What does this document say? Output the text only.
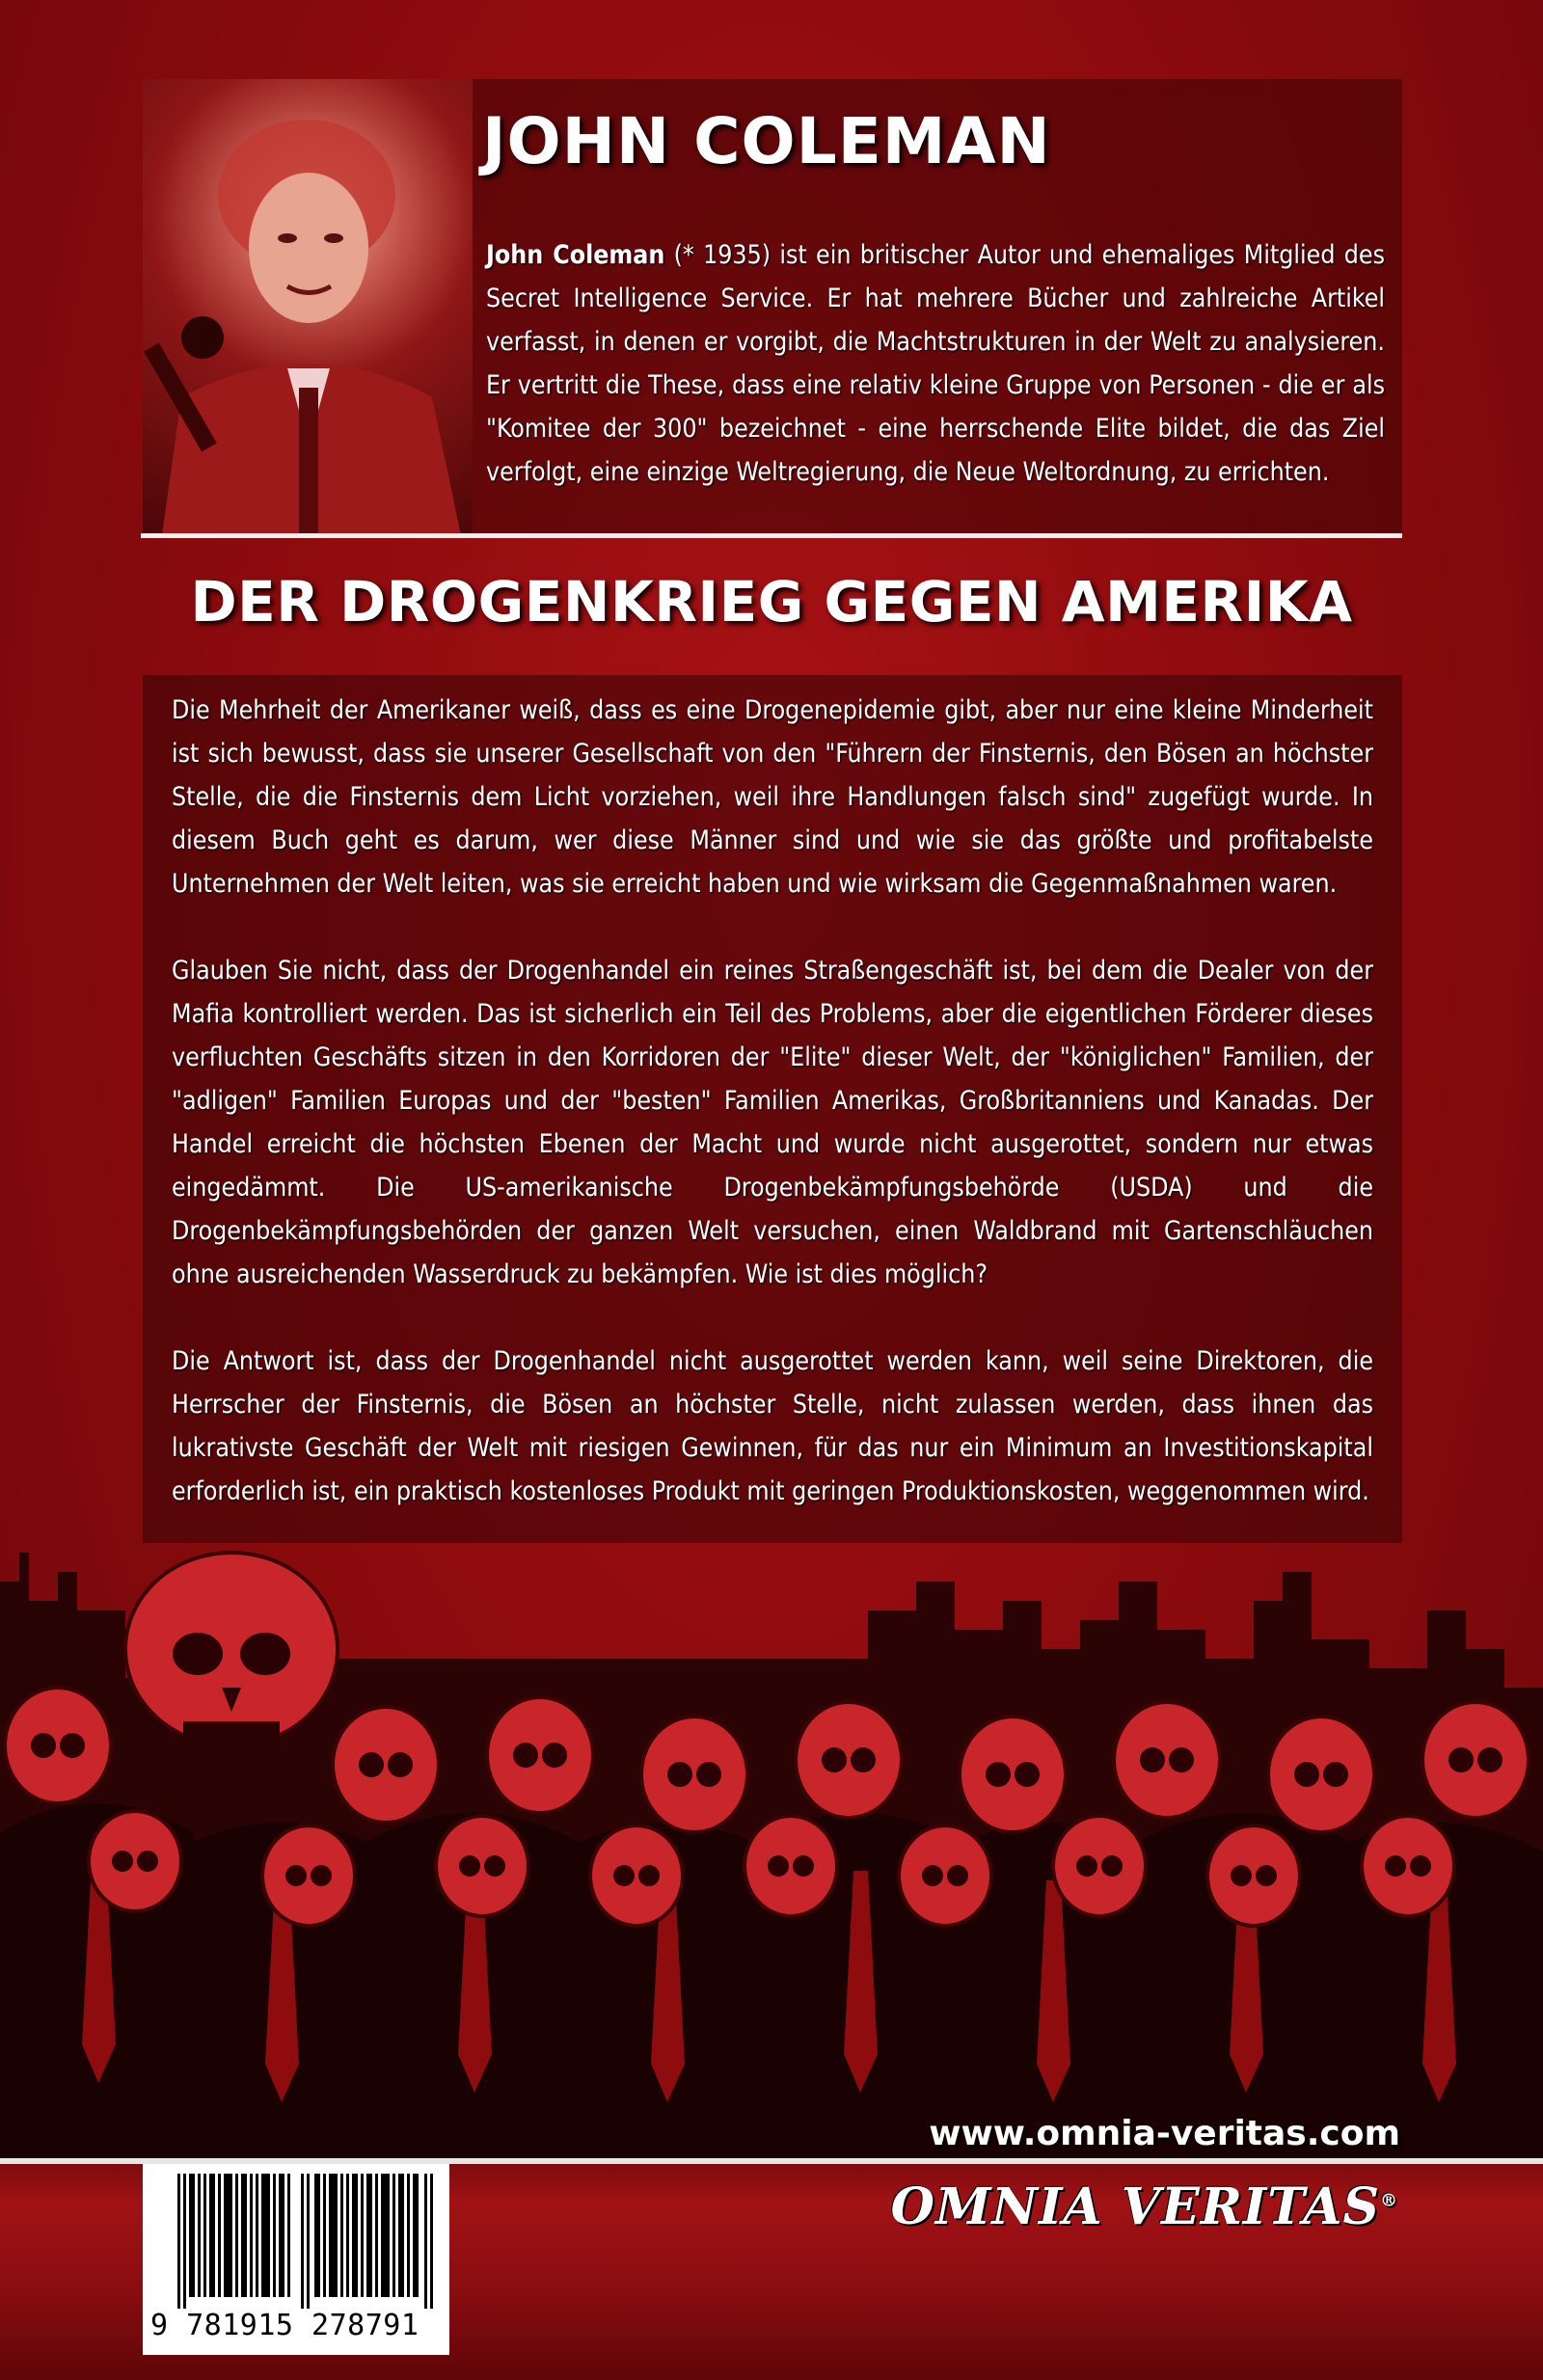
JOHN COLEMAN

John Coleman (* 1935) ist ein britischer Autor und ehemaliges Mitglied des Secret Intelligence Service. Er hat mehrere Bücher und zahlreiche Artikel verfasst, in denen er vorgibt, die Machtstrukturen in der Welt zu analysieren. Er vertritt die These, dass eine relativ kleine Gruppe von Personen - die er als "Komitee der 300" bezeichnet - eine herrschende Elite bildet, die das Ziel verfolgt, eine einzige Weltregierung, die Neue Weltordnung, zu errichten.

DER DROGENKRIEG GEGEN AMERIKA

Die Mehrheit der Amerikaner weiß, dass es eine Drogenepidemie gibt, aber nur eine kleine Minderheit ist sich bewusst, dass sie unserer Gesellschaft von den "Führern der Finsternis, den Bösen an höchster Stelle, die die Finsternis dem Licht vorziehen, weil ihre Handlungen falsch sind" zugefügt wurde. In diesem Buch geht es darum, wer diese Männer sind und wie sie das größte und profitabelste Unternehmen der Welt leiten, was sie erreicht haben und wie wirksam die Gegenmaßnahmen waren.

Glauben Sie nicht, dass der Drogenhandel ein reines Straßengeschäft ist, bei dem die Dealer von der Mafia kontrolliert werden. Das ist sicherlich ein Teil des Problems, aber die eigentlichen Förderer dieses verfluchten Geschäfts sitzen in den Korridoren der "Elite" dieser Welt, der "königlichen" Familien, der "adligen" Familien Europas und der "besten" Familien Amerikas, Großbritanniens und Kanadas. Der Handel erreicht die höchsten Ebenen der Macht und wurde nicht ausgerottet, sondern nur etwas eingedämmt. Die US-amerikanische Drogenbekämpfungsbehörde (USDA) und die Drogenbekämpfungsbehörden der ganzen Welt versuchen, einen Waldbrand mit Gartenschläuchen ohne ausreichenden Wasserdruck zu bekämpfen. Wie ist dies möglich?

Die Antwort ist, dass der Drogenhandel nicht ausgerottet werden kann, weil seine Direktoren, die Herrscher der Finsternis, die Bösen an höchster Stelle, nicht zulassen werden, dass ihnen das lukrativste Geschäft der Welt mit riesigen Gewinnen, für das nur ein Minimum an Investitionskapital erforderlich ist, ein praktisch kostenloses Produkt mit geringen Produktionskosten, weggenommen wird.

www.omnia-veritas.com

9 781915 278791

OMNIA VERITAS®
